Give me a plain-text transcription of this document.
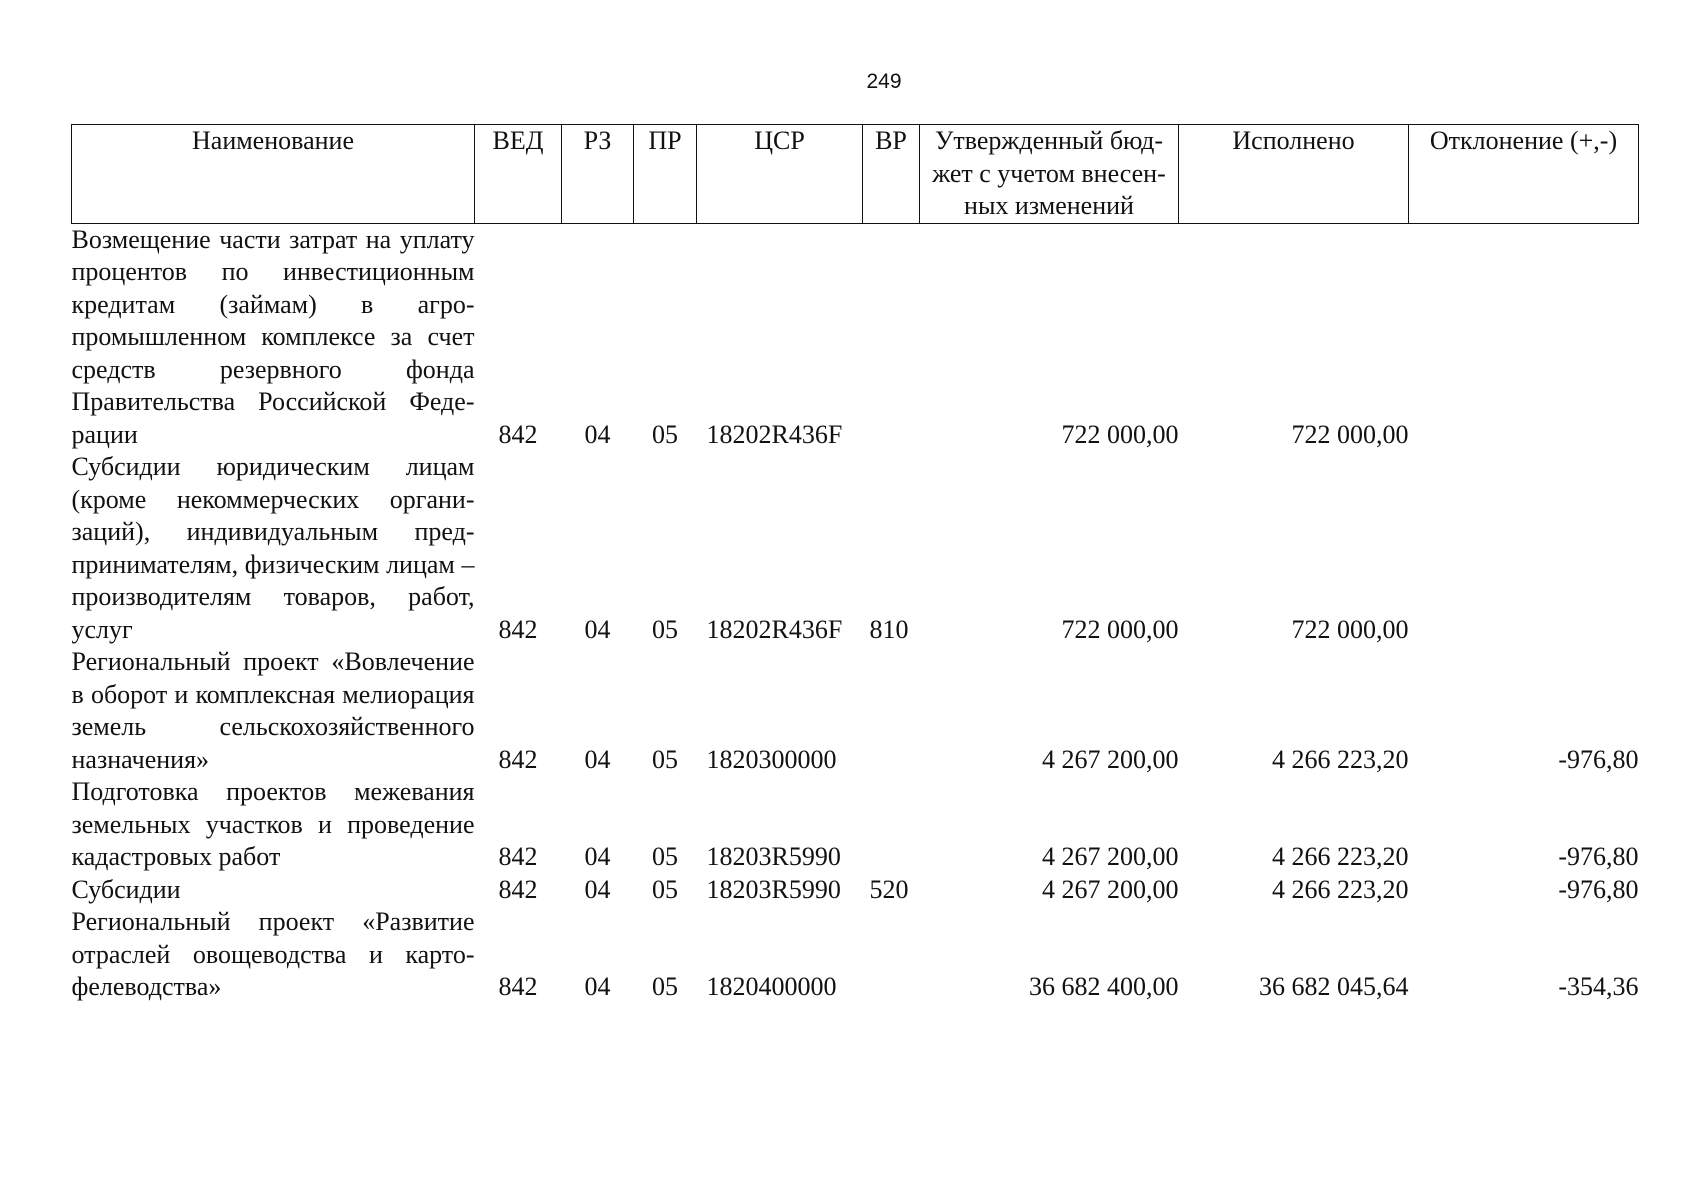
249
Наименование	ВЕД	РЗ	ПР	ЦСР	ВР	Утвержденный бюд-жет с учетом внесен-ных изменений	Исполнено	Отклонение (+,-)
Возмещение части затрат на уплату процентов по инвестиционным кредитам (займам) в агропромышленном комплексе за счет средств резервного фонда Правительства Российской Федерации	842	04	05	18202R436F		722 000,00	722 000,00	
Субсидии юридическим лицам (кроме некоммерческих организаций), индивидуальным предпринимателям, физическим лицам – производителям товаров, работ, услуг	842	04	05	18202R436F	810	722 000,00	722 000,00	
Региональный проект «Вовлечение в оборот и комплексная мелиорация земель сельскохозяйственного назначения»	842	04	05	1820300000		4 267 200,00	4 266 223,20	-976,80
Подготовка проектов межевания земельных участков и проведение кадастровых работ	842	04	05	18203R5990		4 267 200,00	4 266 223,20	-976,80
Субсидии	842	04	05	18203R5990	520	4 267 200,00	4 266 223,20	-976,80
Региональный проект «Развитие отраслей овощеводства и картофелеводства»	842	04	05	1820400000		36 682 400,00	36 682 045,64	-354,36
